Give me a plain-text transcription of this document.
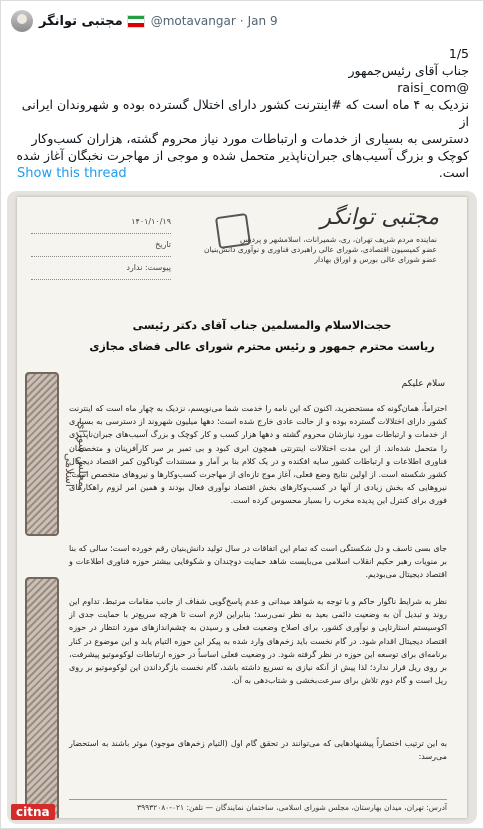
مجتبی توانگر @motavangar · Jan 9
1/5
جناب آقای رئیس‌جمهور
@raisi_com
نزدیک به ۴ ماه است که #اینترنت کشور دارای اختلال گسترده بوده و شهروندان ایرانی از
دسترسی به بسیاری از خدمات و ارتباطات مورد نیاز محروم گشته، هزاران کسب‌وکار
کوچک و بزرگ آسیب‌های جبران‌ناپذیر متحمل شده و موجی از مهاجرت نخبگان آغاز شده
است.
Show this thread
مجتبی توانگر
نماینده مردم شریف تهران، ری، شمیرانات، اسلامشهر و پردیس
عضو کمیسیون اقتصادی، شورای عالی راهبردی فناوری و نوآوری دانش‌بنیان
عضو شورای عالی بورس و اوراق بهادار
۱۴۰۱/۱۰/۱۹
تاریخ
پیوست: ندارد
مجلس شورای اسلامی
حجت‌الاسلام والمسلمین جناب آقای دکتر رئیسی
ریاست محترم جمهور و رئیس محترم شورای عالی فضای مجازی
سلام علیکم
احتراماً، همان‌گونه که مستحضرید، اکنون که این نامه را خدمت شما می‌نویسم، نزدیک به چهار ماه است که اینترنت کشور دارای اختلالات گسترده بوده و از حالت عادی خارج شده است؛ دهها میلیون شهروند از دسترسی به بسیاری از خدمات و ارتباطات مورد نیازشان محروم گشته و دهها هزار کسب و کار کوچک و بزرگ آسیب‌های جبران‌ناپذیری را متحمل شده‌اند. از این مدت اختلالات اینترنتی همچون ابری کبود و بی تمبر بر سر کارآفرینان و متخصصان فناوری اطلاعات و ارتباطات کشور سایه افکنده و در یک کلام بنا بر آمار و مستندات گوناگون کمر اقتصاد دیجیتال کشور شکسته است. از اولین نتایج وضع فعلی، آغاز موج تازه‌ای از مهاجرت کسب‌وکارها و نیروهای متخصص است؛ نیروهایی که بخش زیادی از آنها در کسب‌وکارهای بخش اقتصاد نوآوری فعال بودند و همین امر لزوم راهکارهای فوری برای کنترل این پدیده مخرب را بسیار محسوس کرده است.
جای بسی تاسف و دل شکستگی است که تمام این اتفاقات در سال تولید دانش‌بنیان رقم خورده است؛ سالی که بنا بر منویات رهبر حکیم انقلاب اسلامی می‌بایست شاهد حمایت دوچندان و شکوفایی بیشتر حوزه فناوری اطلاعات و اقتصاد دیجیتال می‌بودیم.
نظر به شرایط ناگوار حاکم و با توجه به شواهد میدانی و عدم پاسخ‌گویی شفاف از جانب مقامات مرتبط، تداوم این روند و تبدیل آن به وضعیت دائمی بعید به نظر نمی‌رسد؛ بنابراین لازم است تا هرچه سریع‌تر با حمایت جدی از اکوسیستم استارتاپی و نوآوری کشور، برای اصلاح وضعیت فعلی و رسیدن به چشم‌اندازهای مورد انتظار در حوزه اقتصاد دیجیتال اقدام شود. در گام نخست باید زخم‌های وارد شده به پیکر این حوزه التیام یابد و این موضوع در کنار برنامه‌ای برای توسعه این حوزه در نظر گرفته شود. در وضعیت فعلی اساساً در حوزه ارتباطات لوکوموتیو پیشرفت، بر روی ریل قرار ندارد؛ لذا پیش از آنکه نیازی به تسریع داشته باشد، گام نخست بازگرداندن این لوکوموتیو بر روی ریل است و گام دوم تلاش برای سرعت‌بخشی و شتاب‌دهی به آن.
به این ترتیب اختصاراً پیشنهادهایی که می‌توانند در تحقق گام اول (التیام زخم‌های موجود) موثر باشند به استحضار می‌رسد:
آدرس: تهران، میدان بهارستان، مجلس شورای اسلامی، ساختمان نمایندگان — تلفن: ۰۲۱-۳۹۹۳۲۰۸۰
citna
